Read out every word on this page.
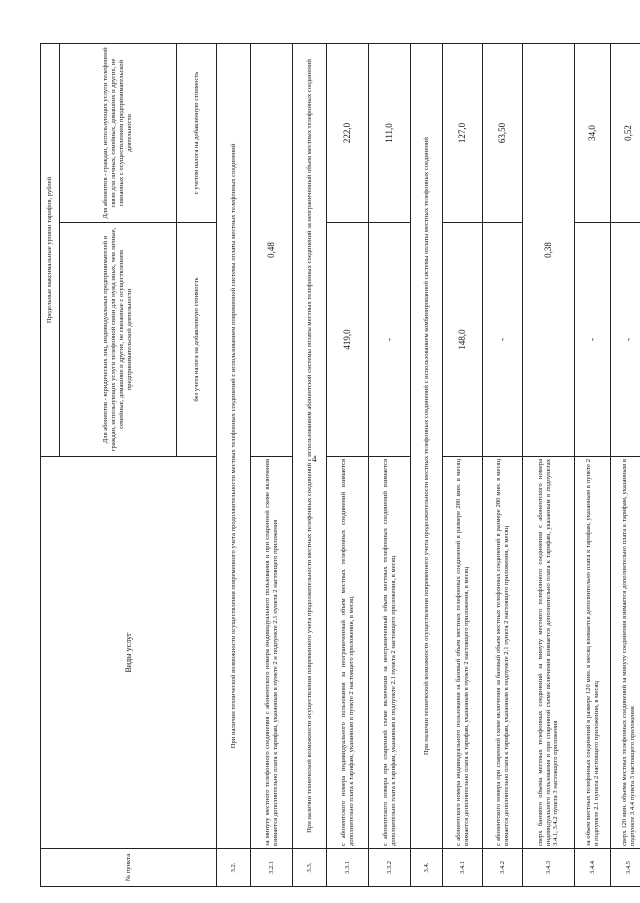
4
№ пункта	Виды услуг	Предельные максимальные уровни тарифов, рублей	
		Для абонентов - юридических лиц, индивидуальных предпринимателей и граждан, использующих услуги телефонной связи для нужд иных, чем личные, семейные, домашние и другие, не связанные с осуществлением предпринимательской деятельности	Для абонентов - граждан, использующих услуги телефонной связи для личных, семейных, домашних и других, не связанных с осуществлением предпринимательской деятельности
		без учета налога на добавленную стоимость	с учетом налога на добавленную стоимость
3.2.	При наличии технической возможности осуществления повременного учета продолжительности местных телефонных соединений с использованием повременной системы оплаты местных телефонных соединений		
3.2.1	за минуту местного телефонного соединения с абонентского номера индивидуального пользования и при спаренной схеме включения взимается дополнительно плата к тарифам, указанным в пункте 2 и подпункте 2.1 пункта 2 настоящего приложения	0,48	
3.3.	При наличии технической возможности осуществления повременного учета продолжительности местных телефонных соединений с использованием абонентской системы оплаты местных телефонных соединений за неограниченный объем местных телефонных соединений		
3.3.1	с абонентского номера индивидуального пользования за неограниченный объем местных телефонных соединений взимается дополнительно плата к тарифам, указанным в пункте 2 настоящего приложения, в месяц	419,0	222,0
3.3.2	с абонентского номера при спаренной схеме включения за неограниченный объем местных телефонных соединений взимается дополнительно плата к тарифам, указанным в подпункте 2.1 пункта 2 настоящего приложения, в месяц	-	111,0
3.4.	При наличии технической возможности осуществления повременного учета продолжительности местных телефонных соединений с использованием комбинированной системы оплаты местных телефонных соединений		
3.4.1	с абонентского номера индивидуального пользования за базовый объем местных телефонных соединений в размере 280 мин. в месяц взимается дополнительно плата к тарифам, указанным в пункте 2 настоящего приложения, в месяц	148,0	127,0
3.4.2	с абонентского номера при спаренной схеме включения за базовый объем местных телефонных соединений в размере 280 мин. в месяц взимается дополнительно плата к тарифам, указанным в подпункте 2.1 пункта 2 настоящего приложения, в месяц	-	63,50
3.4.3	сверх базового объема местных телефонных соединений за минуту местного телефонного соединения с абонентского номера индивидуального пользования и при спаренной схеме включения взимается дополнительно плата к тарифам, указанным в подпунктах 3.4.1, 3.4.2 пункта 3 настоящего приложения	0,38	
3.4.4	за объем местных телефонных соединений в размере 120 мин. в месяц взимается дополнительно плата к тарифам, указанным в пункте 2 и подпункте 2.1 пункта 2 настоящего приложения, в месяц	-	34,0
3.4.5	сверх 120 мин. объема местных телефонных соединений за минуту соединения взимается дополнительно плата к тарифам, указанным в подпункте 3.4.4 пункта 3 настоящего приложения	-	0,52
